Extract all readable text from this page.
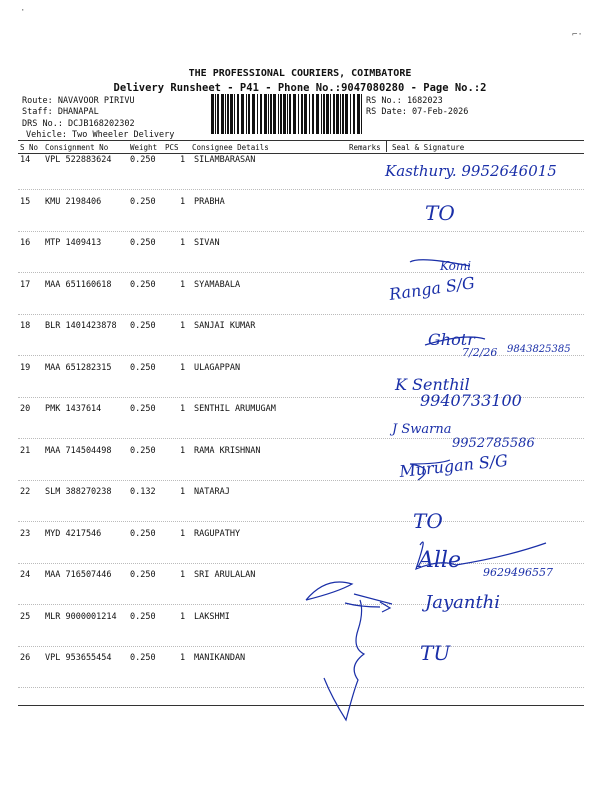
·
⌐·
THE PROFESSIONAL COURIERS, COIMBATORE
Delivery Runsheet - P41 - Phone No.:9047080280 - Page No.:2
Route: NAVAVOOR PIRIVU
Staff: DHANAPAL
DRS No.: DCJB168202302
Vehicle: Two Wheeler Delivery
RS No.: 1682023
RS Date: 07-Feb-2026
S No Consignment No	Weight PCS Consignee Details	Remarks Seal & Signature
14 VPL 522883624 0.250	1 SILAMBARASAN
15 KMU 2198406	0.250	1 PRABHA
16 MTP 1409413	0.250	1 SIVAN
17 MAA 651160618 0.250	1 SYAMABALA
18 BLR 1401423878 0.250	1 SANJAI KUMAR
19 MAA 651282315 0.250	1 ULAGAPPAN
20 PMK 1437614	0.250	1 SENTHIL ARUMUGAM
21 MAA 714504498 0.250	1 RAMA KRISHNAN
22 SLM 388270238 0.132	1 NATARAJ
23 MYD 4217546	0.250	1 RAGUPATHY
24 MAA 716507446 0.250	1 SRI ARULALAN
25 MLR 9000001214 0.250	1 LAKSHMI
26 VPL 953655454 0.250	1 MANIKANDAN
Kasthury. 9952646015
TO
Komi
Ranga S/G
Ghotr
7/2/26 9843825385
K Senthil
9940733100
J Swarna
9952785586
Murugan S/G
TO
Alle 9629496557
Jayanthi
TU
